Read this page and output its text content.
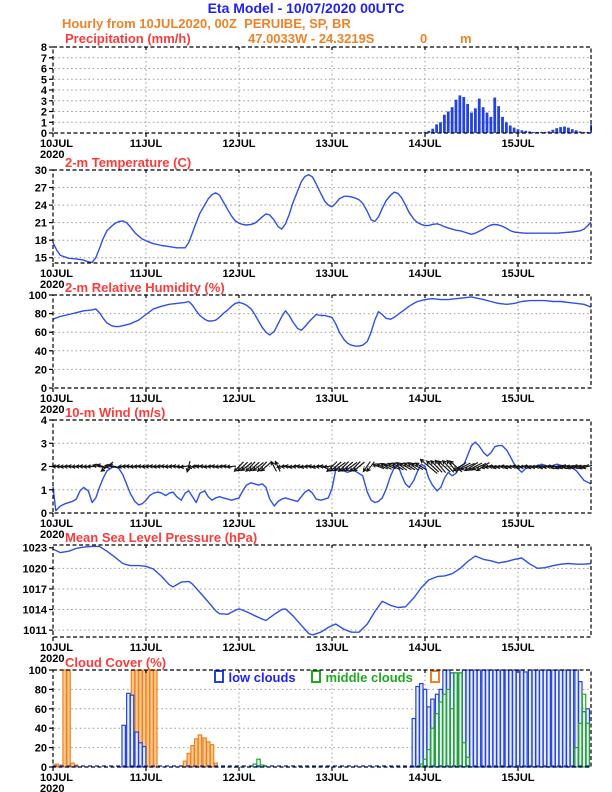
Eta Model - 10/07/2020 00UTC
Hourly from 10JUL2020, 00Z  PERUIBE, SP, BR
Precipitation (mm/h)	47.0033W - 24.3219S	0	m
2-m Temperature (C)
2-m Relative Humidity (%)
10-m Wind (m/s)
Mean Sea Level Pressure (hPa)
Cloud Cover (%)

low clouds
	middle clouds

0
1
2
3
4
5
6
7
8
10JUL	11JUL	12JUL	13JUL	14JUL	15JUL
2020
15
18
21
24
27
30
10JUL	11JUL	12JUL	13JUL	14JUL	15JUL
2020
0
20
40
60
80
100
10JUL	11JUL	12JUL	13JUL	14JUL	15JUL
2020
0
1
2
3
4
10JUL	11JUL	12JUL	13JUL	14JUL	15JUL
2020
1011
1014
1017
1020
1023
10JUL	11JUL	12JUL	13JUL	14JUL	15JUL
2020
0
20
40
60
80
100
10JUL	11JUL	12JUL	13JUL	14JUL	15JUL
2020
